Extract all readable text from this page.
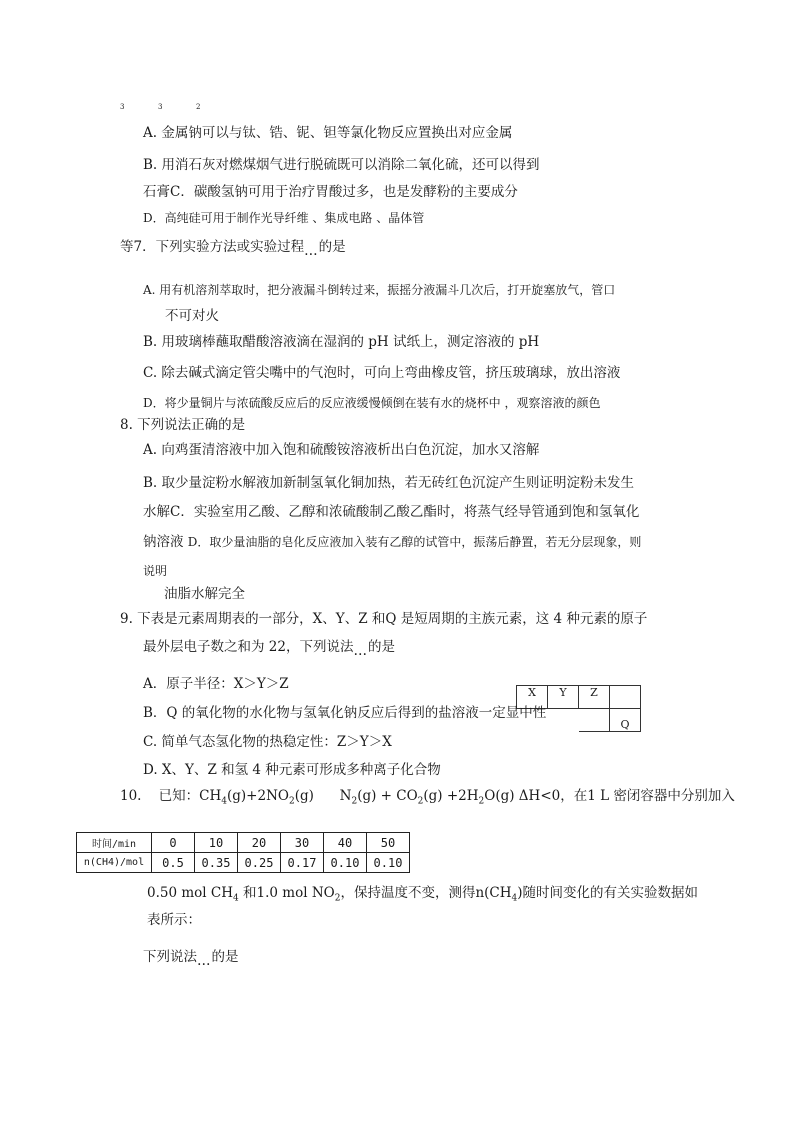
3	3	2
A. 金属钠可以与钛、锆、铌、钽等氯化物反应置换出对应金属
B. 用消石灰对燃煤烟气进行脱硫既可以消除二氧化硫，还可以得到
石膏C．碳酸氢钠可用于治疗胃酸过多，也是发酵粉的主要成分
D．高纯硅可用于制作光导纤维 、集成电路 、晶体管
等7．下列实验方法或实验过程…的是
A. 用有机溶剂萃取时，把分液漏斗倒转过来，振摇分液漏斗几次后，打开旋塞放气，管口
不可对火
B. 用玻璃棒蘸取醋酸溶液滴在湿润的 pH 试纸上，测定溶液的 pH
C. 除去碱式滴定管尖嘴中的气泡时，可向上弯曲橡皮管，挤压玻璃球，放出溶液
D．将少量铜片与浓硫酸反应后的反应液缓慢倾倒在装有水的烧杯中 ，观察溶液的颜色
8. 下列说法正确的是
A. 向鸡蛋清溶液中加入饱和硫酸铵溶液析出白色沉淀，加水又溶解
B. 取少量淀粉水解液加新制氢氧化铜加热，若无砖红色沉淀产生则证明淀粉未发生
水解C．实验室用乙酸、乙醇和浓硫酸制乙酸乙酯时，将蒸气经导管通到饱和氢氧化
钠溶液 D．取少量油脂的皂化反应液加入装有乙醇的试管中，振荡后静置，若无分层现象，则
说明
油脂水解完全
9. 下表是元素周期表的一部分，X、Y、Z 和Q 是短周期的主族元素，这 4 种元素的原子
最外层电子数之和为 22，下列说法…的是
X	Y	Z	
			Q
A．原子半径：X＞Y＞Z
B．Q 的氧化物的水化物与氢氧化钠反应后得到的盐溶液一定显中性
C. 简单气态氢化物的热稳定性：Z＞Y＞X
D. X、Y、Z 和氢 4 种元素可形成多种离子化合物
10. 已知：$CH_4(g)+2NO_2(g) N_2(g) + CO_2(g) +2H_2O(g)$ ΔH<0，在1 L 密闭容器中分别加入
时间/min	0	10	20	30	40	50
n(CH4)/mol	0.5	0.35	0.25	0.17	0.10	0.10
0.50 mol $CH_4$ 和1.0 mol $NO_2$，保持温度不变，测得$n(CH_4)$随时间变化的有关实验数据如
表所示：
下列说法…的是
